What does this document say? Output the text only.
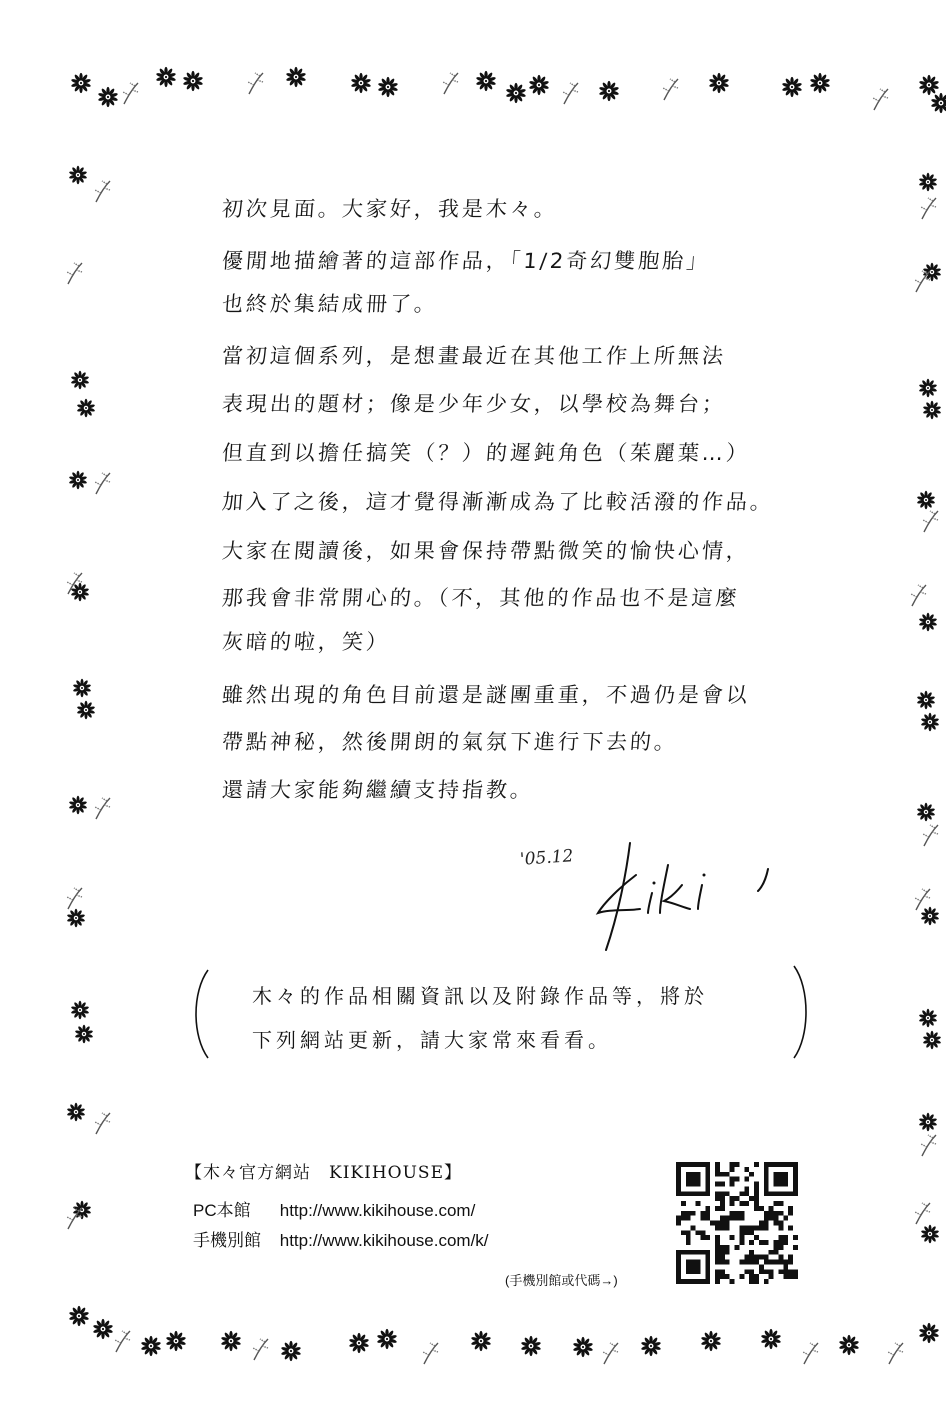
初次見面。大家好，我是木々。
優閒地描繪著的這部作品，「1/2奇幻雙胞胎」
也終於集結成冊了。
當初這個系列，是想畫最近在其他工作上所無法
表現出的題材；像是少年少女，以學校為舞台；
但直到以擔任搞笑（？）的遲鈍角色（茱麗葉…）
加入了之後，這才覺得漸漸成為了比較活潑的作品。
大家在閱讀後，如果會保持帶點微笑的愉快心情，
那我會非常開心的。（不，其他的作品也不是這麼
灰暗的啦，笑）
雖然出現的角色目前還是謎團重重，不過仍是會以
帶點神秘，然後開朗的氣氛下進行下去的。
還請大家能夠繼續支持指教。
'05.12
木々的作品相關資訊以及附錄作品等，將於
下列網站更新，請大家常來看看。
【木々官方網站　KIKIHOUSE】
PC本館 http://www.kikihouse.com/
手機別館 http://www.kikihouse.com/k/
(手機別館或代碼→)
